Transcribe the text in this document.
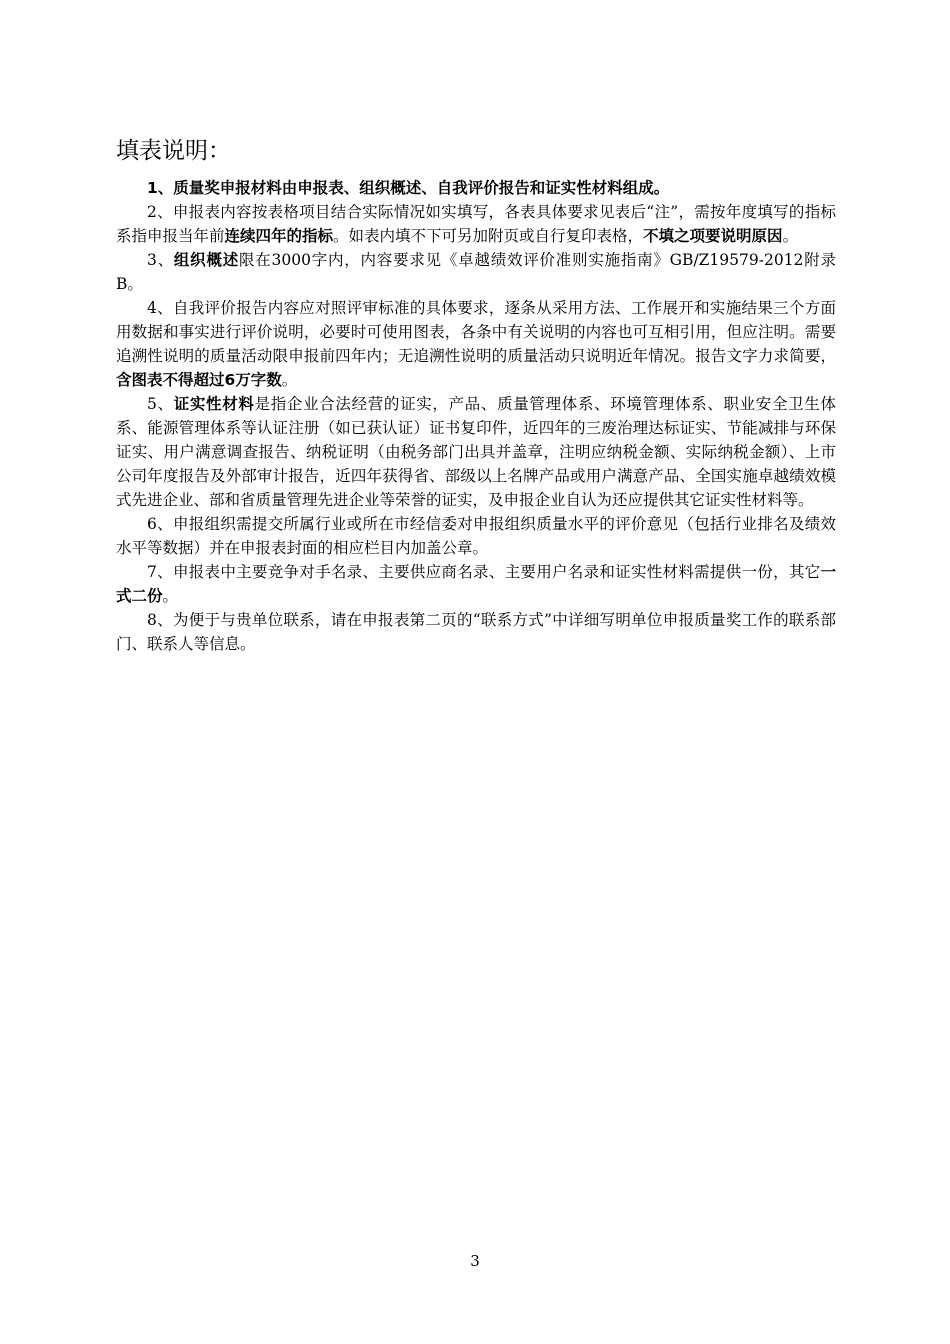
填表说明：

1、质量奖申报材料由申报表、组织概述、自我评价报告和证实性材料组成。

2、申报表内容按表格项目结合实际情况如实填写，各表具体要求见表后“注”，需按年度填写的指标系指申报当年前连续四年的指标。如表内填不下可另加附页或自行复印表格，不填之项要说明原因。

3、组织概述限在3000字内，内容要求见《卓越绩效评价准则实施指南》GB/Z19579-2012附录B。

4、自我评价报告内容应对照评审标准的具体要求，逐条从采用方法、工作展开和实施结果三个方面用数据和事实进行评价说明，必要时可使用图表，各条中有关说明的内容也可互相引用，但应注明。需要追溯性说明的质量活动限申报前四年内；无追溯性说明的质量活动只说明近年情况。报告文字力求简要，含图表不得超过6万字数。

5、证实性材料是指企业合法经营的证实，产品、质量管理体系、环境管理体系、职业安全卫生体系、能源管理体系等认证注册（如已获认证）证书复印件，近四年的三废治理达标证实、节能减排与环保证实、用户满意调查报告、纳税证明（由税务部门出具并盖章，注明应纳税金额、实际纳税金额）、上市公司年度报告及外部审计报告，近四年获得省、部级以上名牌产品或用户满意产品、全国实施卓越绩效模式先进企业、部和省质量管理先进企业等荣誉的证实，及申报企业自认为还应提供其它证实性材料等。

6、申报组织需提交所属行业或所在市经信委对申报组织质量水平的评价意见（包括行业排名及绩效水平等数据）并在申报表封面的相应栏目内加盖公章。

7、申报表中主要竞争对手名录、主要供应商名录、主要用户名录和证实性材料需提供一份，其它一式二份。

8、为便于与贵单位联系，请在申报表第二页的“联系方式”中详细写明单位申报质量奖工作的联系部门、联系人等信息。

3
